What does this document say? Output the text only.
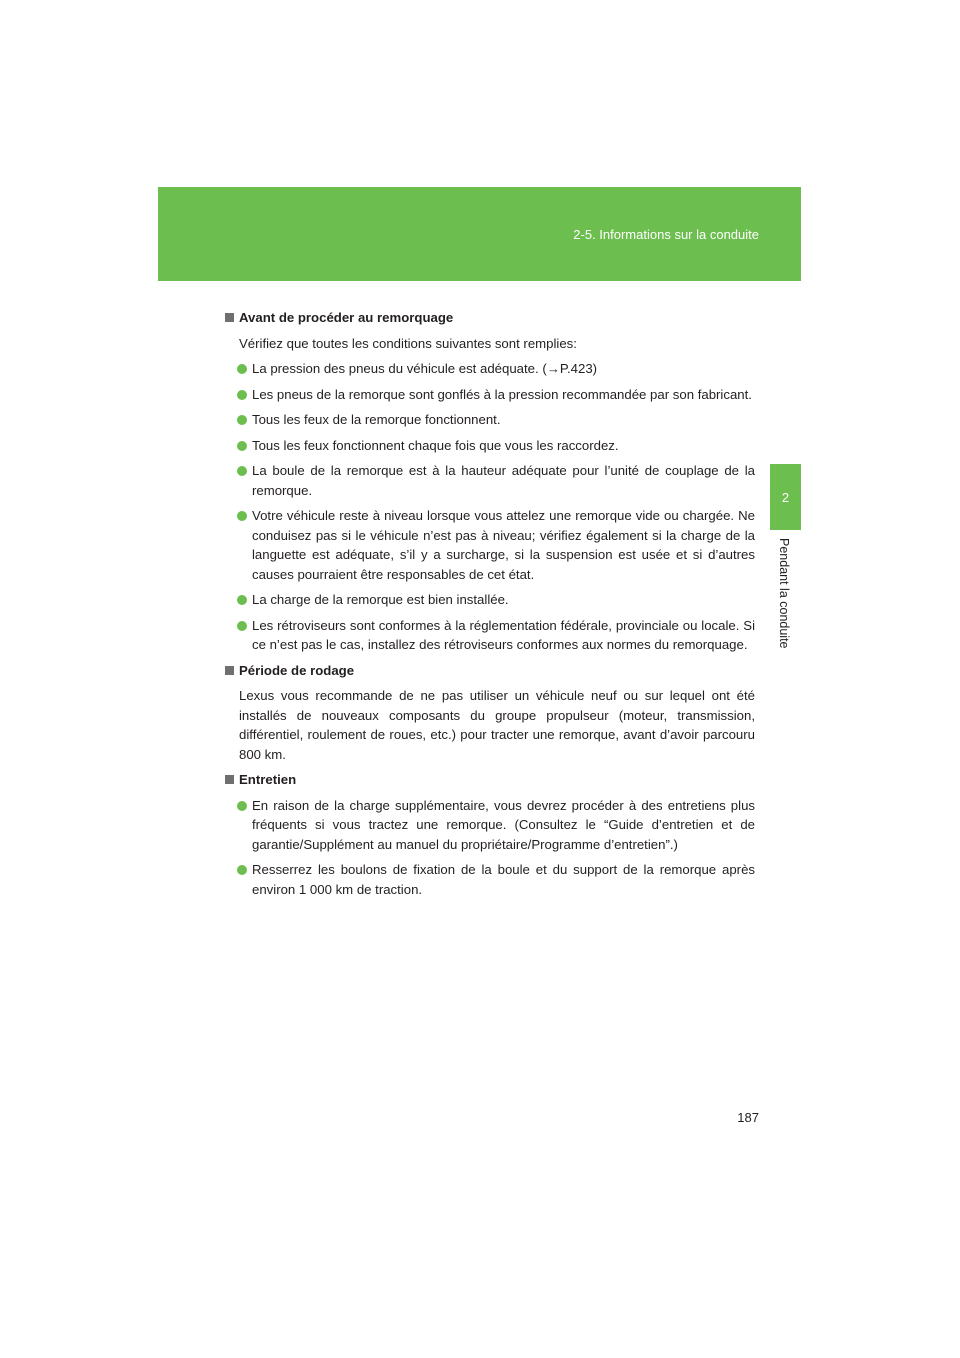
2-5. Informations sur la conduite
2
Pendant la conduite
Avant de procéder au remorquage
Vérifiez que toutes les conditions suivantes sont remplies:
La pression des pneus du véhicule est adéquate. (→P.423)
Les pneus de la remorque sont gonflés à la pression recommandée par son fabricant.
Tous les feux de la remorque fonctionnent.
Tous les feux fonctionnent chaque fois que vous les raccordez.
La boule de la remorque est à la hauteur adéquate pour l’unité de couplage de la remorque.
Votre véhicule reste à niveau lorsque vous attelez une remorque vide ou chargée. Ne conduisez pas si le véhicule n’est pas à niveau; vérifiez également si la charge de la languette est adéquate, s’il y a surcharge, si la suspension est usée et si d’autres causes pourraient être responsables de cet état.
La charge de la remorque est bien installée.
Les rétroviseurs sont conformes à la réglementation fédérale, provinciale ou locale. Si ce n’est pas le cas, installez des rétroviseurs conformes aux normes du remorquage.
Période de rodage
Lexus vous recommande de ne pas utiliser un véhicule neuf ou sur lequel ont été installés de nouveaux composants du groupe propulseur (moteur, transmission, différentiel, roulement de roues, etc.) pour tracter une remorque, avant d’avoir parcouru 800 km.
Entretien
En raison de la charge supplémentaire, vous devrez procéder à des entretiens plus fréquents si vous tractez une remorque. (Consultez le “Guide d’entretien et de garantie/Supplément au manuel du propriétaire/Programme d’entretien”.)
Resserrez les boulons de fixation de la boule et du support de la remorque après environ 1 000 km de traction.
187
